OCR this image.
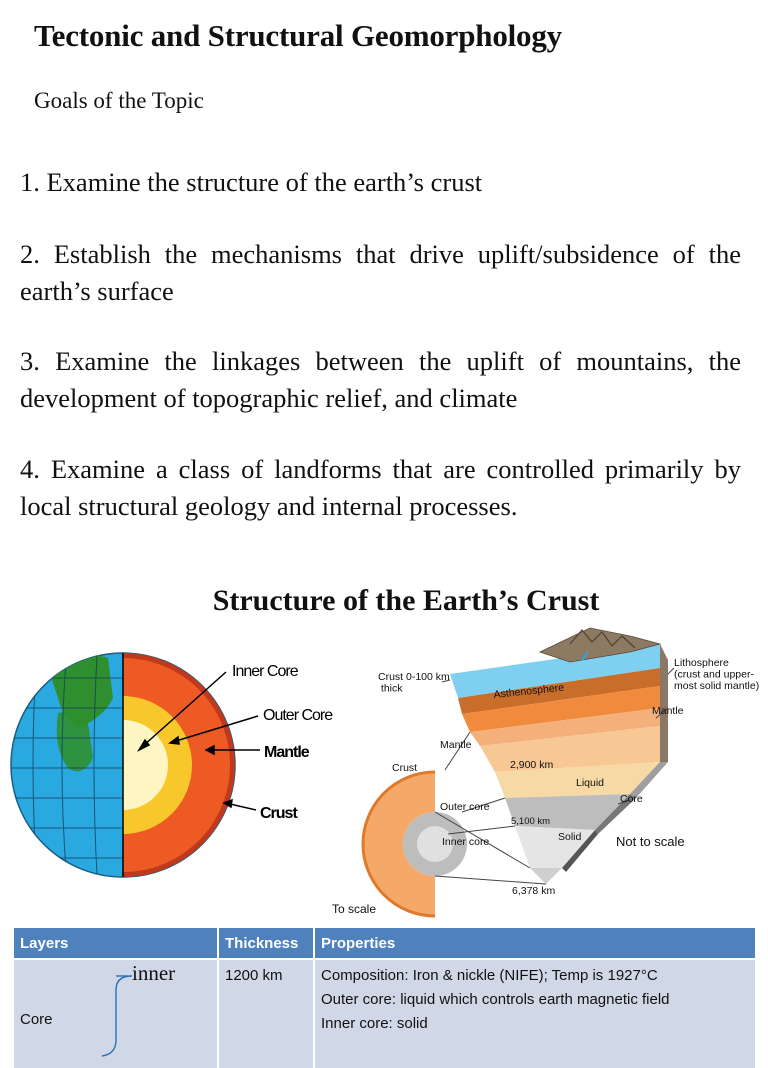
Tectonic and Structural Geomorphology
Goals of the Topic

1. Examine the structure of the earth’s crust

2. Establish the mechanisms that drive uplift/subsidence of the earth’s surface

3. Examine the linkages between the uplift of mountains, the development of topographic relief, and climate

4. Examine a class of landforms that are controlled primarily by local structural geology and internal processes.

Structure of the Earth’s Crust
Inner Core
Outer Core
Mantle
Crust
Crust 0-100 km thick
Lithosphere (crust and upper-most solid mantle)
Asthenosphere
Mantle
Mantle
Crust	2,900 km
Liquid
Core
Outer core
5,100 km
Inner core	Solid	Not to scale
6,378 km
To scale
Layers	Thickness	Properties

inner
Core	1200 km	Composition: Iron & nickle (NIFE); Temp is 1927°C
Outer core: liquid which controls earth magnetic field
Inner core: solid
